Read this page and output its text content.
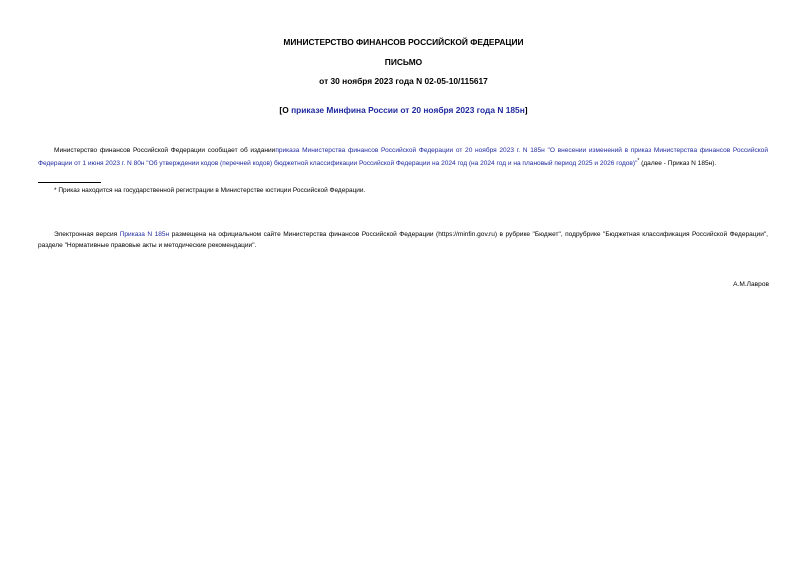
МИНИСТЕРСТВО ФИНАНСОВ РОССИЙСКОЙ ФЕДЕРАЦИИ
ПИСЬМО
от 30 ноября 2023 года N 02-05-10/115617
[О приказе Минфина России от 20 ноября 2023 года N 185н]
Министерство финансов Российской Федерации сообщает об изданииприказа Министерства финансов Российской Федерации от 20 ноября 2023 г. N 185н "О внесении изменений в приказ Министерства финансов Российской Федерации от 1 июня 2023 г. N 80н "Об утверждении кодов (перечней кодов) бюджетной классификации Российской Федерации на 2024 год (на 2024 год и на плановый период 2025 и 2026 годов)"* (далее - Приказ N 185н).
* Приказ находится на государственной регистрации в Министерстве юстиции Российской Федерации.
Электронная версия Приказа N 185н размещена на официальном сайте Министерства финансов Российской Федерации (https://minfin.gov.ru) в рубрике "Бюджет", подрубрике "Бюджетная классификация Российской Федерации", разделе "Нормативные правовые акты и методические рекомендации".
А.М.Лавров
